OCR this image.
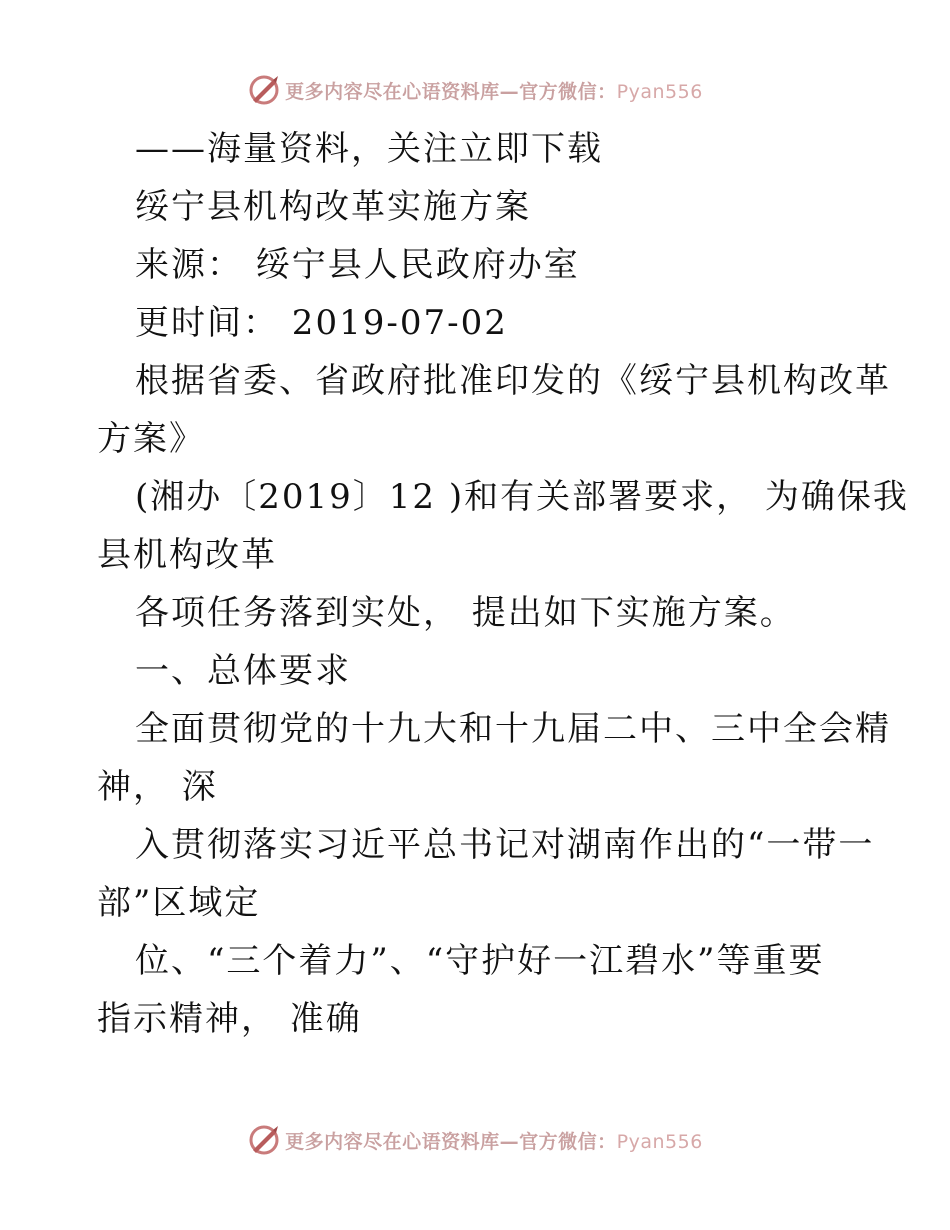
更多内容尽在心语资料库—官方微信：Pyan556
——海量资料，关注立即下载
绥宁县机构改革实施方案
来源： 绥宁县人民政府办室
更时间： 2019-07-02
根据省委、省政府批准印发的《绥宁县机构改革
方案》
(湘办〔2019〕12 )和有关部署要求， 为确保我
县机构改革
各项任务落到实处， 提出如下实施方案。
一、总体要求
全面贯彻党的十九大和十九届二中、三中全会精
神， 深
入贯彻落实习近平总书记对湖南作出的“一带一
部”区域定
位、“三个着力”、“守护好一江碧水”等重要
指示精神， 准确
更多内容尽在心语资料库—官方微信：Pyan556
